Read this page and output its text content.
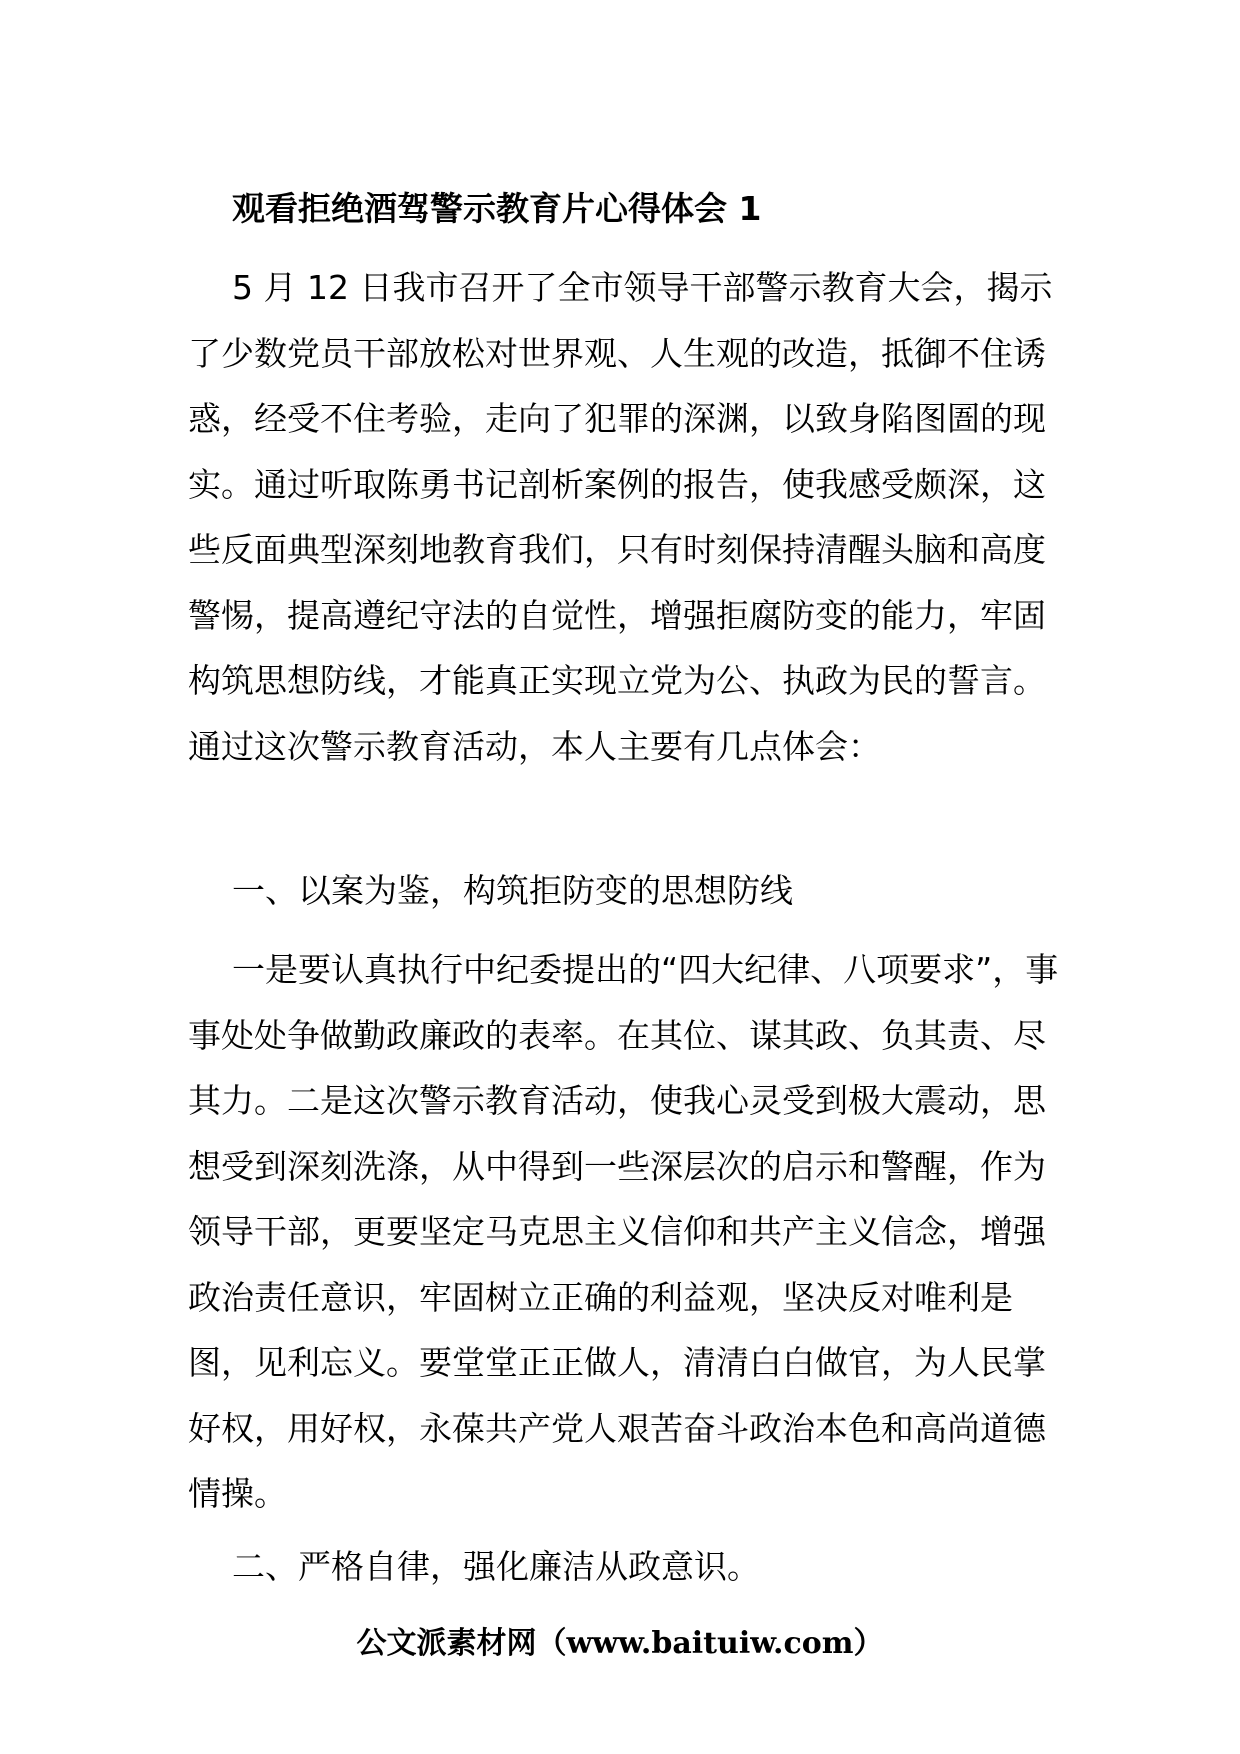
观看拒绝酒驾警示教育片心得体会 1

5 月 12 日我市召开了全市领导干部警示教育大会，揭示了少数党员干部放松对世界观、人生观的改造，抵御不住诱惑，经受不住考验，走向了犯罪的深渊，以致身陷图圄的现实。通过听取陈勇书记剖析案例的报告，使我感受颇深，这些反面典型深刻地教育我们，只有时刻保持清醒头脑和高度警惕，提高遵纪守法的自觉性，增强拒腐防变的能力，牢固构筑思想防线，才能真正实现立党为公、执政为民的誓言。通过这次警示教育活动，本人主要有几点体会：

一、以案为鉴，构筑拒防变的思想防线

一是要认真执行中纪委提出的“四大纪律、八项要求”，事事处处争做勤政廉政的表率。在其位、谋其政、负其责、尽其力。二是这次警示教育活动，使我心灵受到极大震动，思想受到深刻洗涤，从中得到一些深层次的启示和警醒，作为领导干部，更要坚定马克思主义信仰和共产主义信念，增强政治责任意识，牢固树立正确的利益观，坚决反对唯利是图，见利忘义。要堂堂正正做人，清清白白做官，为人民掌好权，用好权，永葆共产党人艰苦奋斗政治本色和高尚道德情操。

二、严格自律，强化廉洁从政意识。

公文派素材网（www.baituiw.com）
